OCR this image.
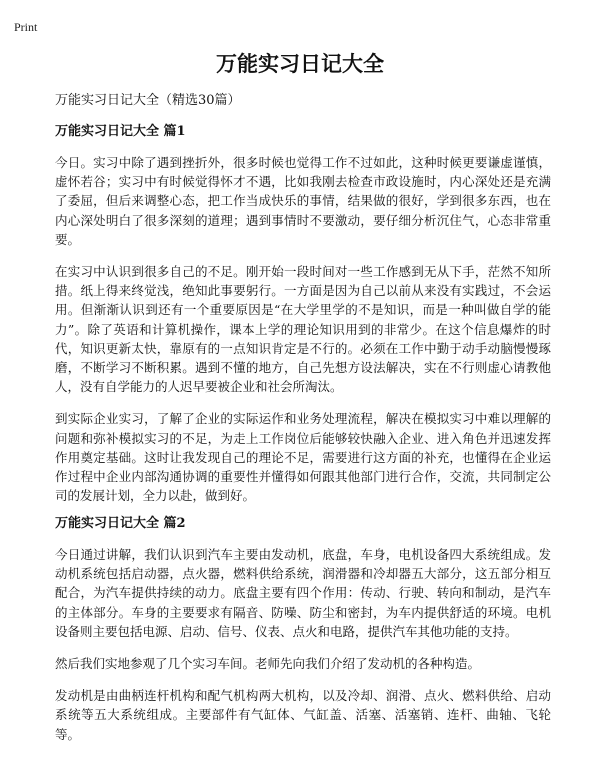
Print
万能实习日记大全

万能实习日记大全（精选30篇）

万能实习日记大全 篇1

今日。实习中除了遇到挫折外，很多时候也觉得工作不过如此，这种时候更要谦虚谨慎，虚怀若谷；实习中有时候觉得怀才不遇，比如我刚去检查市政设施时，内心深处还是充满了委屈，但后来调整心态，把工作当成快乐的事情，结果做的很好，学到很多东西，也在内心深处明白了很多深刻的道理；遇到事情时不要激动，要仔细分析沉住气，心态非常重要。

在实习中认识到很多自己的不足。刚开始一段时间对一些工作感到无从下手，茫然不知所措。纸上得来终觉浅，绝知此事要躬行。一方面是因为自己以前从来没有实践过，不会运用。但渐渐认识到还有一个重要原因是“在大学里学的不是知识，而是一种叫做自学的能力”。除了英语和计算机操作，课本上学的理论知识用到的非常少。在这个信息爆炸的时代，知识更新太快，靠原有的一点知识肯定是不行的。必须在工作中勤于动手动脑慢慢琢磨，不断学习不断积累。遇到不懂的地方，自己先想方设法解决，实在不行则虚心请教他人，没有自学能力的人迟早要被企业和社会所淘汰。

到实际企业实习，了解了企业的实际运作和业务处理流程，解决在模拟实习中难以理解的问题和弥补模拟实习的不足，为走上工作岗位后能够较快融入企业、进入角色并迅速发挥作用奠定基础。这时让我发现自己的理论不足，需要进行这方面的补充，也懂得在企业运作过程中企业内部沟通协调的重要性并懂得如何跟其他部门进行合作，交流，共同制定公司的发展计划，全力以赴，做到好。

万能实习日记大全 篇2

今日通过讲解，我们认识到汽车主要由发动机，底盘，车身，电机设备四大系统组成。发动机系统包括启动器，点火器，燃料供给系统，润滑器和冷却器五大部分，这五部分相互配合，为汽车提供持续的动力。底盘主要有四个作用：传动、行驶、转向和制动，是汽车的主体部分。车身的主要要求有隔音、防噪、防尘和密封，为车内提供舒适的环境。电机设备则主要包括电源、启动、信号、仪表、点火和电路，提供汽车其他功能的支持。

然后我们实地参观了几个实习车间。老师先向我们介绍了发动机的各种构造。

发动机是由曲柄连杆机构和配气机构两大机构，以及冷却、润滑、点火、燃料供给、启动系统等五大系统组成。主要部件有气缸体、气缸盖、活塞、活塞销、连杆、曲轴、飞轮等。
